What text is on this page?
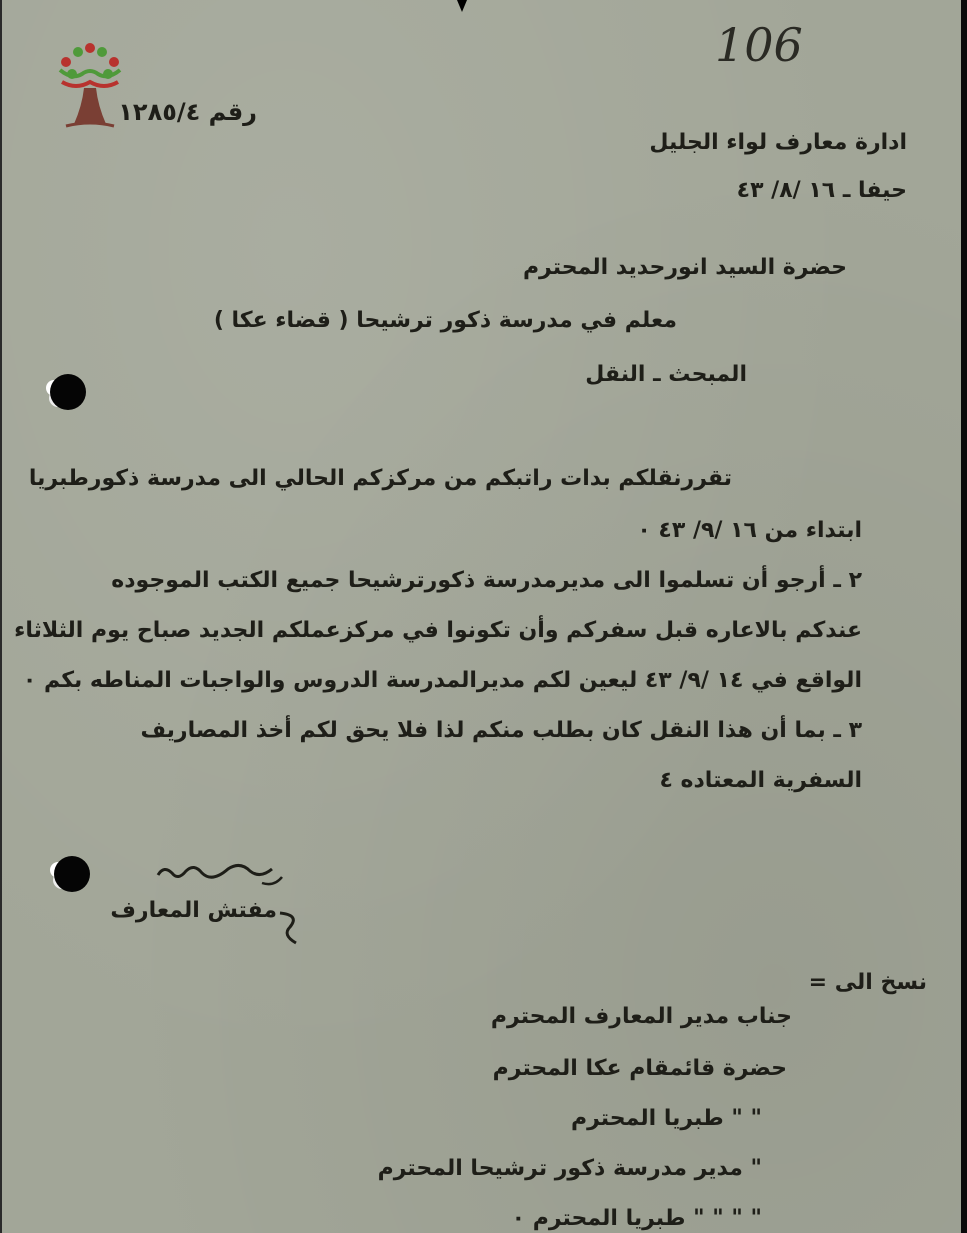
106
رقم ١٢٨٥/٤
ادارة معارف لواء الجليل
حيفا ـ ١٦ /٨/ ٤٣
حضرة السيد انورحديد المحترم
معلم في مدرسة ذكور ترشيحا ( قضاء عكا )
المبحث ـ النقل
تقررنقلكم بدات راتبكم من مركزكم الحالي الى مدرسة ذكورطبريا
ابتداء من ١٦ /٩/ ٤٣ ٠
٢ ـ أرجو أن تسلموا الى مديرمدرسة ذكورترشيحا جميع الكتب الموجوده
عندكم بالاعاره قبل سفركم وأن تكونوا في مركزعملكم الجديد صباح يوم الثلاثاء
الواقع في ١٤ /٩/ ٤٣ ليعين لكم مديرالمدرسة الدروس والواجبات المناطه بكم ٠
٣ ـ بما أن هذا النقل كان بطلب منكم لذا فلا يحق لكم أخذ المصاريف
السفرية المعتاده ٤
مفتش المعارف
نسخ الى =
جناب مدير المعارف المحترم
حضرة قائمقام عكا المحترم
" " طبريا المحترم
" مدير مدرسة ذكور ترشيحا المحترم
" " " " طبريا المحترم ٠
